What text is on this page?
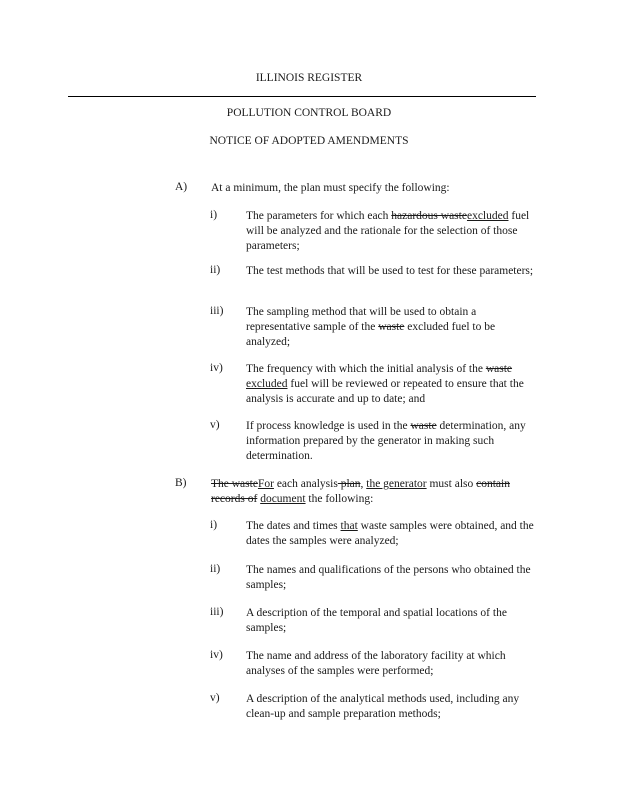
ILLINOIS REGISTER
POLLUTION CONTROL BOARD
NOTICE OF ADOPTED AMENDMENTS
A) At a minimum, the plan must specify the following:
i)	The parameters for which each hazardous wasteexcluded fuel will be analyzed and the rationale for the selection of those parameters;
ii) The test methods that will be used to test for these parameters;
iii) The sampling method that will be used to obtain a representative sample of the waste excluded fuel to be analyzed;
iv) The frequency with which the initial analysis of the waste excluded fuel will be reviewed or repeated to ensure that the analysis is accurate and up to date; and
v) If process knowledge is used in the waste determination, any information prepared by the generator in making such determination.
B) The wasteFor each analysis plan, the generator must also contain records of document the following:
i)	The dates and times that waste samples were obtained, and the dates the samples were analyzed;
ii) The names and qualifications of the persons who obtained the samples;
iii) A description of the temporal and spatial locations of the samples;
iv) The name and address of the laboratory facility at which analyses of the samples were performed;
v) A description of the analytical methods used, including any clean-up and sample preparation methods;
